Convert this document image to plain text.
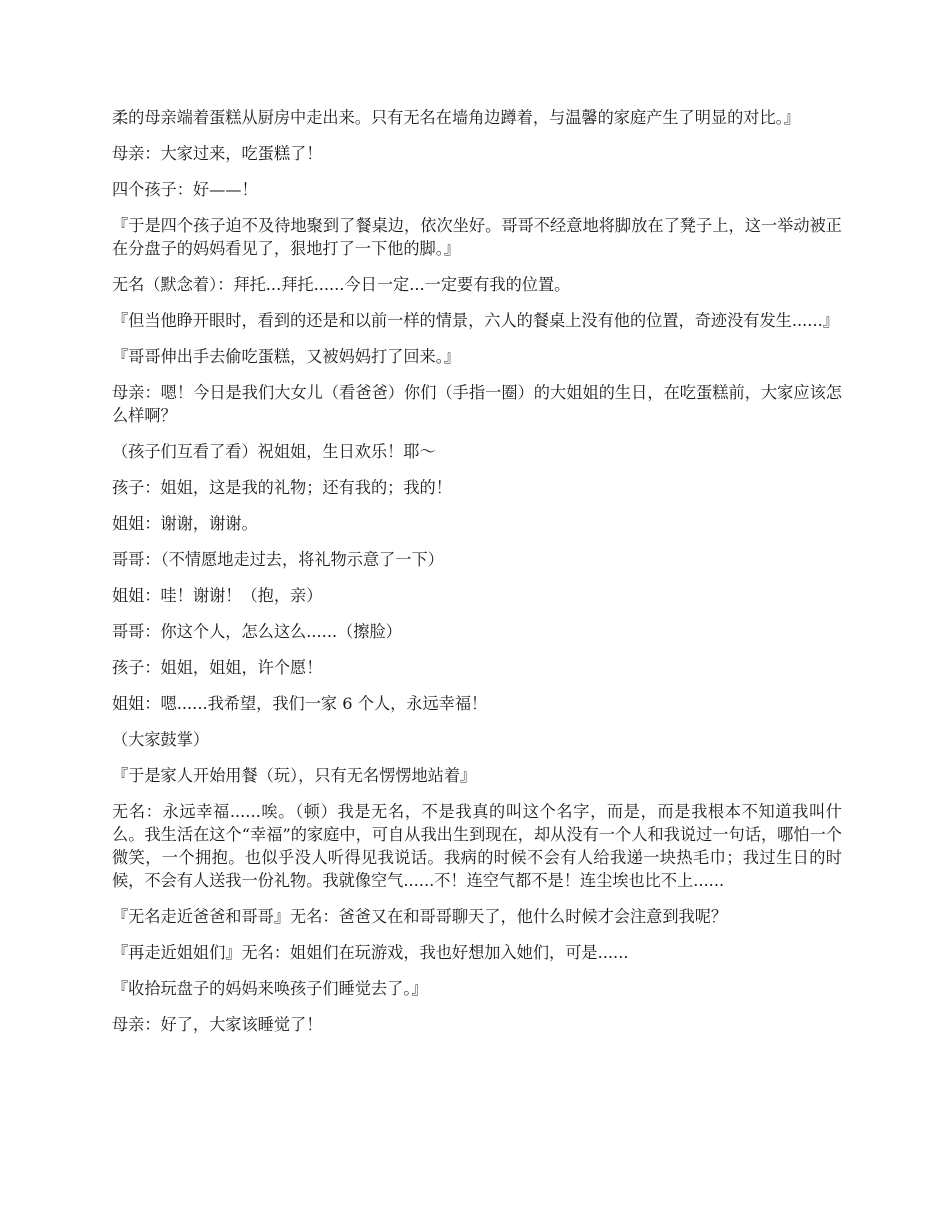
柔的母亲端着蛋糕从厨房中走出来。只有无名在墙角边蹲着，与温馨的家庭产生了明显的对比。』

母亲：大家过来，吃蛋糕了！

四个孩子：好——！

『于是四个孩子迫不及待地聚到了餐桌边，依次坐好。哥哥不经意地将脚放在了凳子上，这一举动被正在分盘子的妈妈看见了，狠地打了一下他的脚。』

无名（默念着）：拜托...拜托......今日一定...一定要有我的位置。

『但当他睁开眼时，看到的还是和以前一样的情景，六人的餐桌上没有他的位置，奇迹没有发生......』

『哥哥伸出手去偷吃蛋糕，又被妈妈打了回来。』

母亲：嗯！今日是我们大女儿（看爸爸）你们（手指一圈）的大姐姐的生日，在吃蛋糕前，大家应该怎么样啊？

（孩子们互看了看）祝姐姐，生日欢乐！耶～

孩子：姐姐，这是我的礼物；还有我的；我的！

姐姐：谢谢，谢谢。

哥哥：（不情愿地走过去，将礼物示意了一下）

姐姐：哇！谢谢！（抱，亲）

哥哥：你这个人，怎么这么......（擦脸）

孩子：姐姐，姐姐，许个愿！

姐姐：嗯......我希望，我们一家 6 个人，永远幸福！

（大家鼓掌）

『于是家人开始用餐（玩），只有无名愣愣地站着』

无名：永远幸福......唉。（顿）我是无名，不是我真的叫这个名字，而是，而是我根本不知道我叫什么。我生活在这个“幸福”的家庭中，可自从我出生到现在，却从没有一个人和我说过一句话，哪怕一个微笑，一个拥抱。也似乎没人听得见我说话。我病的时候不会有人给我递一块热毛巾；我过生日的时候，不会有人送我一份礼物。我就像空气......不！连空气都不是！连尘埃也比不上......

『无名走近爸爸和哥哥』无名：爸爸又在和哥哥聊天了，他什么时候才会注意到我呢？

『再走近姐姐们』无名：姐姐们在玩游戏，我也好想加入她们，可是......

『收拾玩盘子的妈妈来唤孩子们睡觉去了。』

母亲：好了，大家该睡觉了！
